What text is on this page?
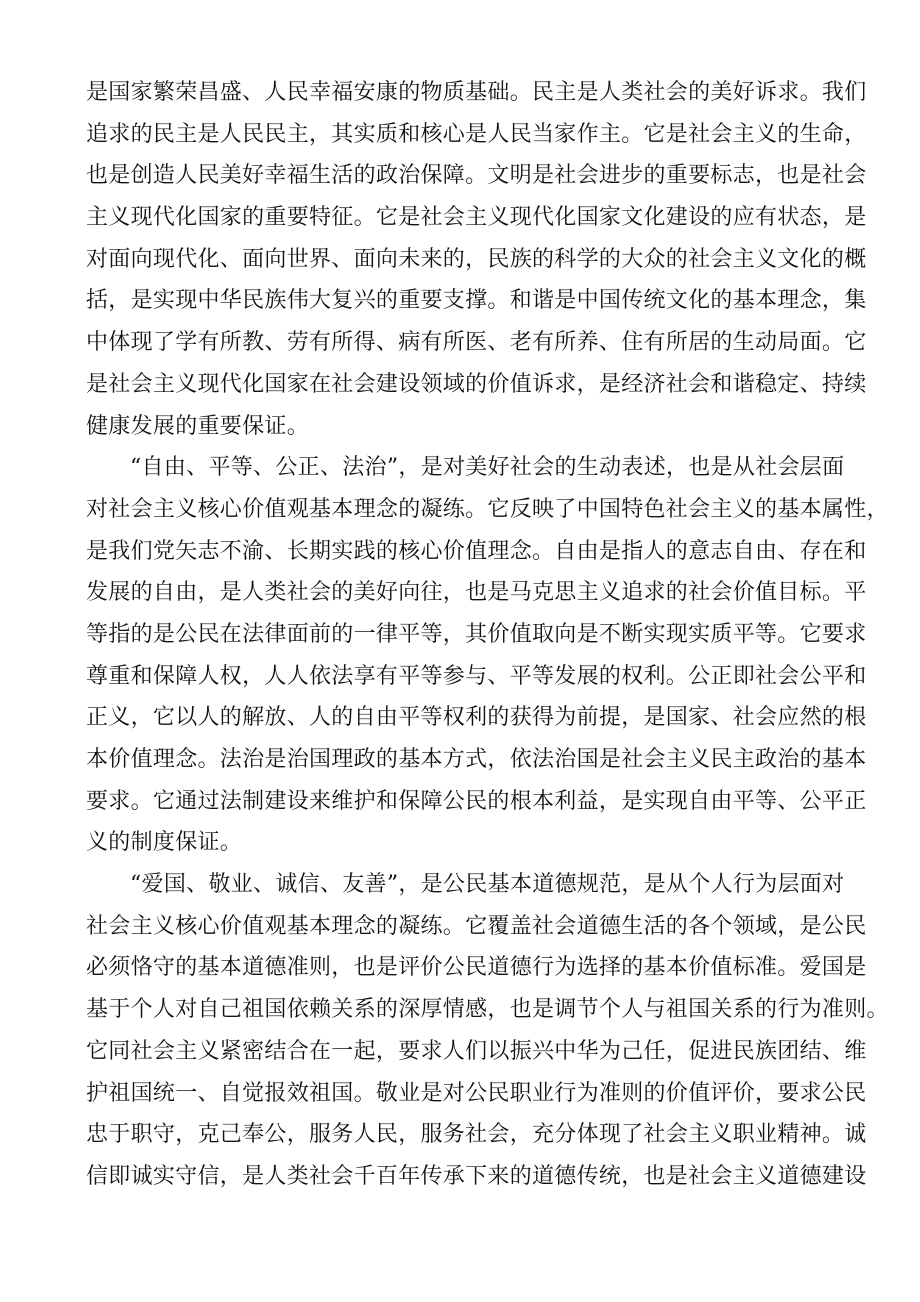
是国家繁荣昌盛、人民幸福安康的物质基础。民主是人类社会的美好诉求。我们
追求的民主是人民民主，其实质和核心是人民当家作主。它是社会主义的生命，
也是创造人民美好幸福生活的政治保障。文明是社会进步的重要标志，也是社会
主义现代化国家的重要特征。它是社会主义现代化国家文化建设的应有状态，是
对面向现代化、面向世界、面向未来的，民族的科学的大众的社会主义文化的概
括，是实现中华民族伟大复兴的重要支撑。和谐是中国传统文化的基本理念，集
中体现了学有所教、劳有所得、病有所医、老有所养、住有所居的生动局面。它
是社会主义现代化国家在社会建设领域的价值诉求，是经济社会和谐稳定、持续
健康发展的重要保证。
“自由、平等、公正、法治”，是对美好社会的生动表述，也是从社会层面
对社会主义核心价值观基本理念的凝练。它反映了中国特色社会主义的基本属性，
是我们党矢志不渝、长期实践的核心价值理念。自由是指人的意志自由、存在和
发展的自由，是人类社会的美好向往，也是马克思主义追求的社会价值目标。平
等指的是公民在法律面前的一律平等，其价值取向是不断实现实质平等。它要求
尊重和保障人权，人人依法享有平等参与、平等发展的权利。公正即社会公平和
正义，它以人的解放、人的自由平等权利的获得为前提，是国家、社会应然的根
本价值理念。法治是治国理政的基本方式，依法治国是社会主义民主政治的基本
要求。它通过法制建设来维护和保障公民的根本利益，是实现自由平等、公平正
义的制度保证。
“爱国、敬业、诚信、友善”，是公民基本道德规范，是从个人行为层面对
社会主义核心价值观基本理念的凝练。它覆盖社会道德生活的各个领域，是公民
必须恪守的基本道德准则，也是评价公民道德行为选择的基本价值标准。爱国是
基于个人对自己祖国依赖关系的深厚情感，也是调节个人与祖国关系的行为准则。
它同社会主义紧密结合在一起，要求人们以振兴中华为己任，促进民族团结、维
护祖国统一、自觉报效祖国。敬业是对公民职业行为准则的价值评价，要求公民
忠于职守，克己奉公，服务人民，服务社会，充分体现了社会主义职业精神。诚
信即诚实守信，是人类社会千百年传承下来的道德传统，也是社会主义道德建设
